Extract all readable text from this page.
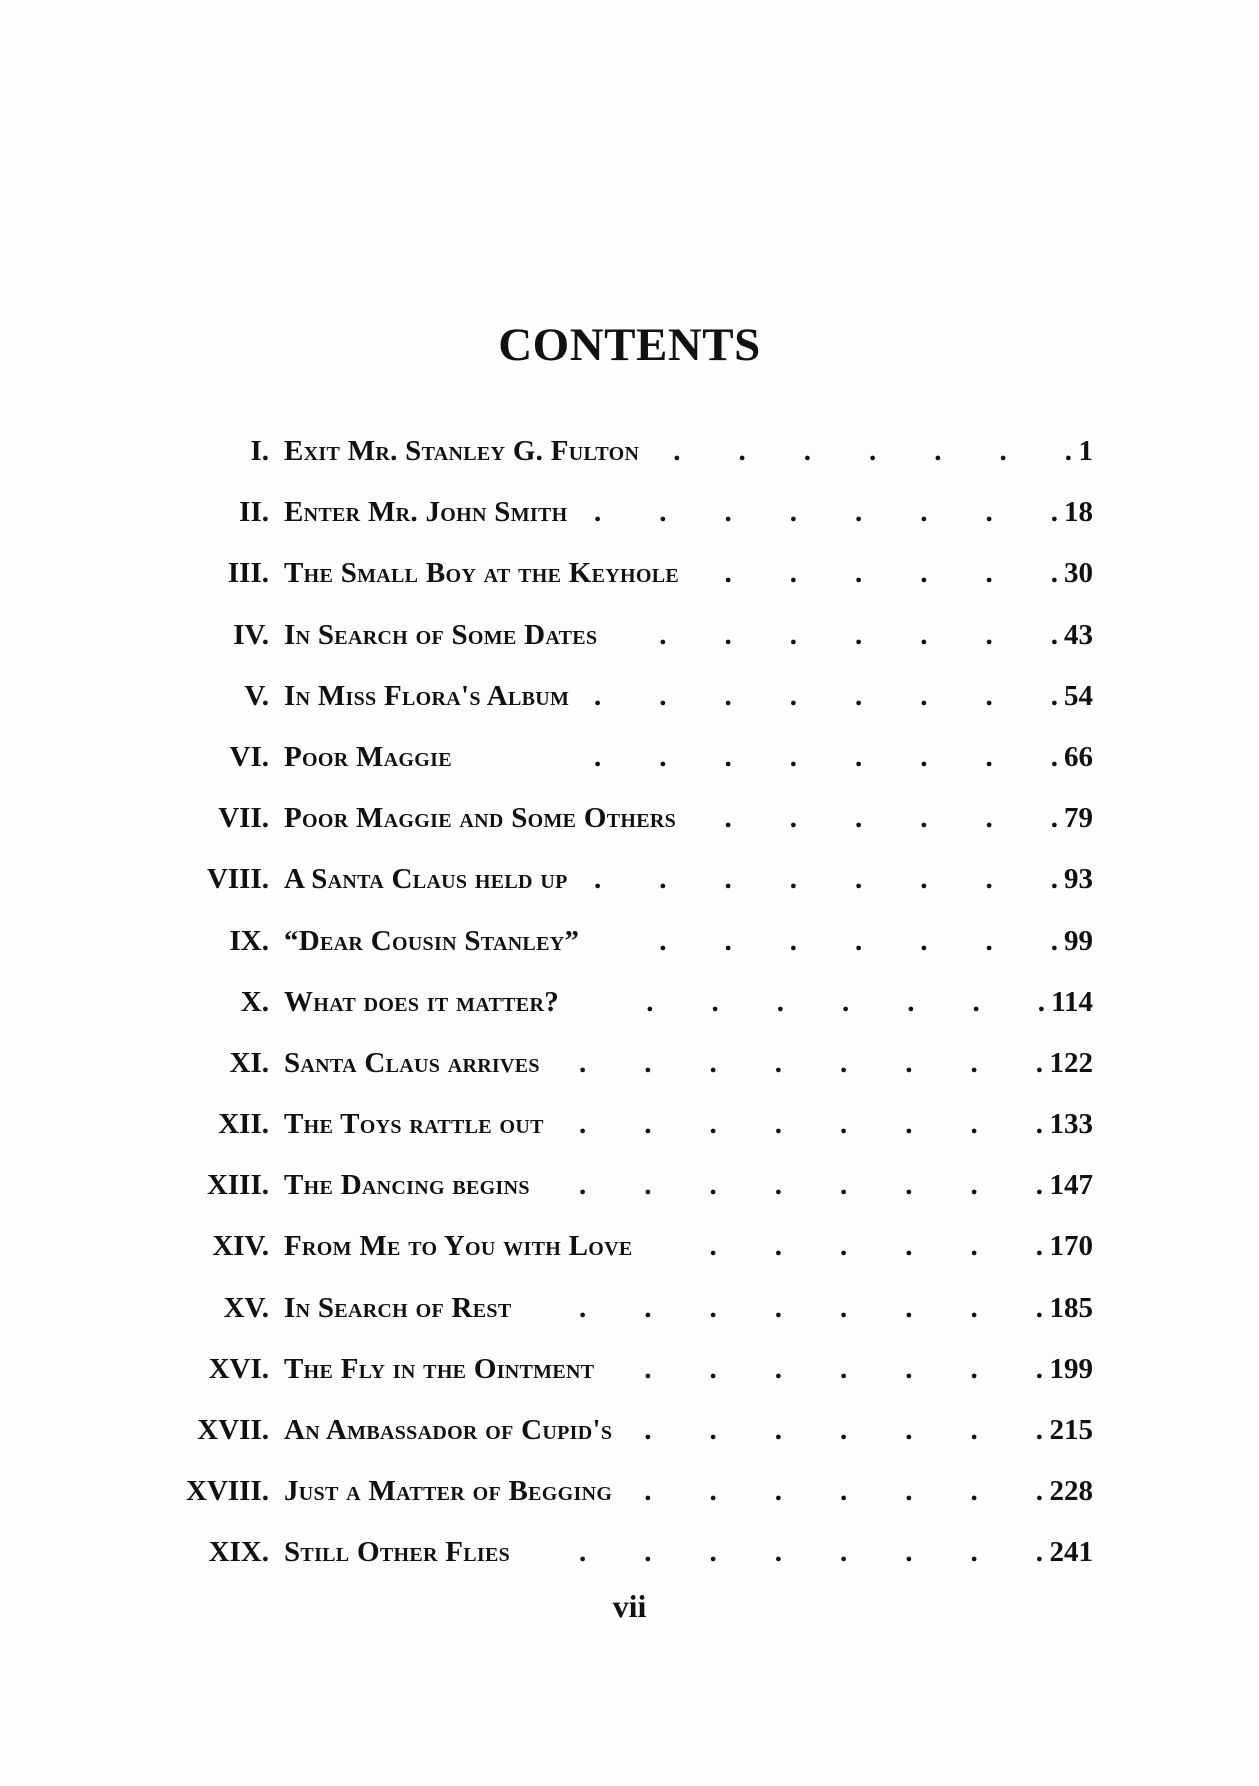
CONTENTS
I. Exit Mr. Stanley G. Fulton	.  .  .  .  .  .  . 1
II. Enter Mr. John Smith .  .  .  .  .  .  .  . 18
III. The Small Boy at the Keyhole	.  .  .  .  .  . 30
IV. In Search of Some Dates	.  .  .  .  .  .  . 43
V. In Miss Flora's Album .  .  .  .  .  .  .  . 54
VI. Poor Maggie	.  .  .  .  .  .  .  . 66
VII. Poor Maggie and Some Others	.  .  .  .  .  . 79
VIII. A Santa Claus held up .  .  .  .  .  .  .  . 93
IX. “Dear Cousin Stanley”	.  .  .  .  .  .  . 99
X. What does it matter?	.  .  .  .  .  .  . 114
XI. Santa Claus arrives	.  .  .  .  .  .  .  . 122
XII. The Toys rattle out	.  .  .  .  .  .  .  . 133
XIII. The Dancing begins	.  .  .  .  .  .  .  . 147
XIV. From Me to You with Love	.  .  .  .  .  . 170
XV. In Search of Rest	.  .  .  .  .  .  .  . 185
XVI. The Fly in the Ointment	.  .  .  .  .  .  . 199
XVII. An Ambassador of Cupid's .  .  .  .  .  .  . 215
XVIII. Just a Matter of Begging .  .  .  .  .  .  . 228
XIX. Still Other Flies	.  .  .  .  .  .  .  . 241
vii
